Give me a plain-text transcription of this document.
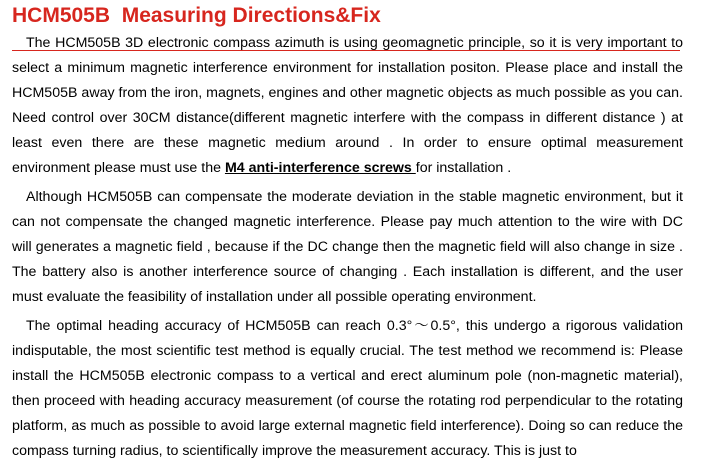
HCM505B  Measuring Directions&Fix

The HCM505B 3D electronic compass azimuth is using geomagnetic principle, so it is very important to select a minimum magnetic interference environment for installation positon. Please place and install the HCM505B away from the iron, magnets, engines and other magnetic objects as much possible as you can. Need control over 30CM distance(different magnetic interfere with the compass in different distance ) at least even there are these magnetic medium around . In order to ensure optimal measurement environment please must use the M4 anti-interference screws for installation .

Although HCM505B can compensate the moderate deviation in the stable magnetic environment, but it can not compensate the changed magnetic interference. Please pay much attention to the wire with DC will generates a magnetic field , because if the DC change then the magnetic field will also change in size . The battery also is another interference source of changing . Each installation is different, and the user must evaluate the feasibility of installation under all possible operating environment.

The optimal heading accuracy of HCM505B can reach 0.3°～0.5°, this undergo a rigorous validation indisputable, the most scientific test method is equally crucial. The test method we recommend is: Please install the HCM505B electronic compass to a vertical and erect aluminum pole (non-magnetic material), then proceed with heading accuracy measurement (of course the rotating rod perpendicular to the rotating platform, as much as possible to avoid large external magnetic field interference). Doing so can reduce the compass turning radius, to scientifically improve the measurement accuracy. This is just to
